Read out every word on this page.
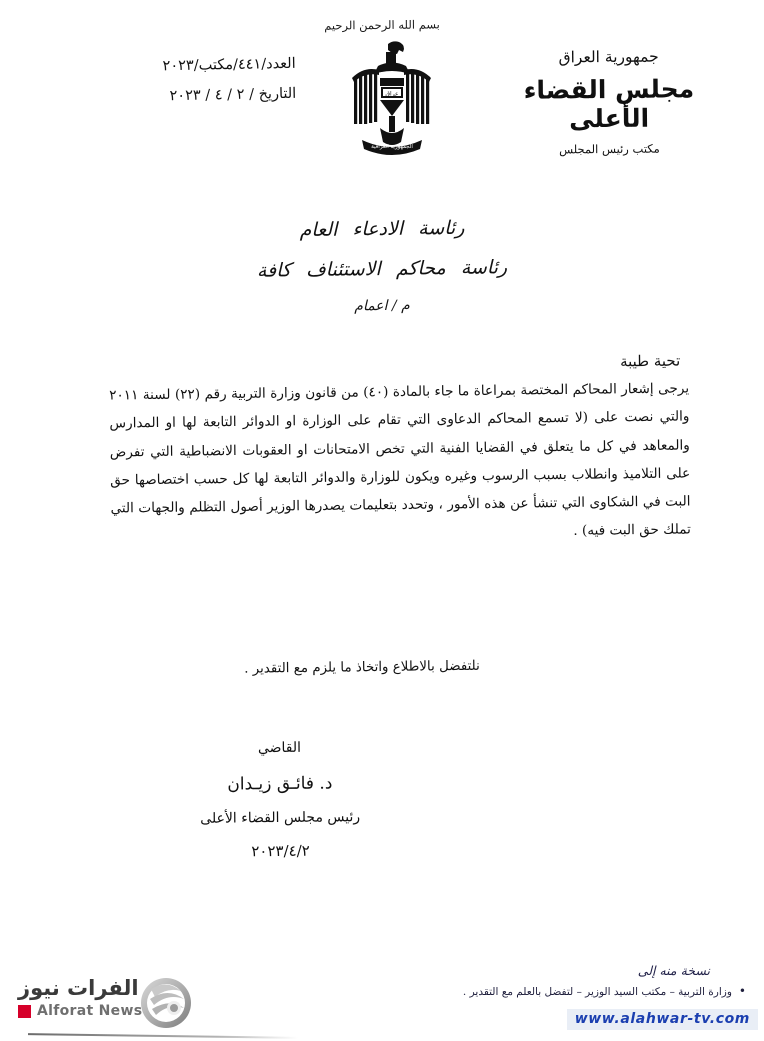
بسم الله الرحمن الرحيم
عراق
الجمهورية العراقية
العدد/٤٤١/مكتب/٢٠٢٣
التاريخ / ٢ / ٤ / ٢٠٢٣
جمهورية العراق
مجلس القضاء الأعلى
مكتب رئيس المجلس
رئاسة الادعاء العام
رئاسة محاكم الاستئناف كافة
م / اعمام
تحية طيبة

يرجى إشعار المحاكم المختصة بمراعاة ما جاء بالمادة (٤٠) من قانون وزارة التربية رقم (٢٢) لسنة ٢٠١١ والتي نصت على (لا تسمع المحاكم الدعاوى التي تقام على الوزارة او الدوائر التابعة لها او المدارس والمعاهد في كل ما يتعلق في القضايا الفنية التي تخص الامتحانات او العقوبات الانضباطية التي تفرض على التلاميذ وانطلاب بسبب الرسوب وغيره ويكون للوزارة والدوائر التابعة لها كل حسب اختصاصها حق البت في الشكاوى التي تنشأ عن هذه الأمور ، وتحدد بتعليمات يصدرها الوزير أصول التظلم والجهات التي تملك حق البت فيه) .

نلتفضل بالاطلاع واتخاذ ما يلزم مع التقدير .
القاضي
د. فائـق زيـدان
رئيس مجلس القضاء الأعلى
٢٠٢٣/٤/٢
نسخة منه إلى
• وزارة التربية – مكتب السيد الوزير – لتفضل بالعلم مع التقدير .
الفرات نيوز
Alforat News	www.alahwar-tv.com
